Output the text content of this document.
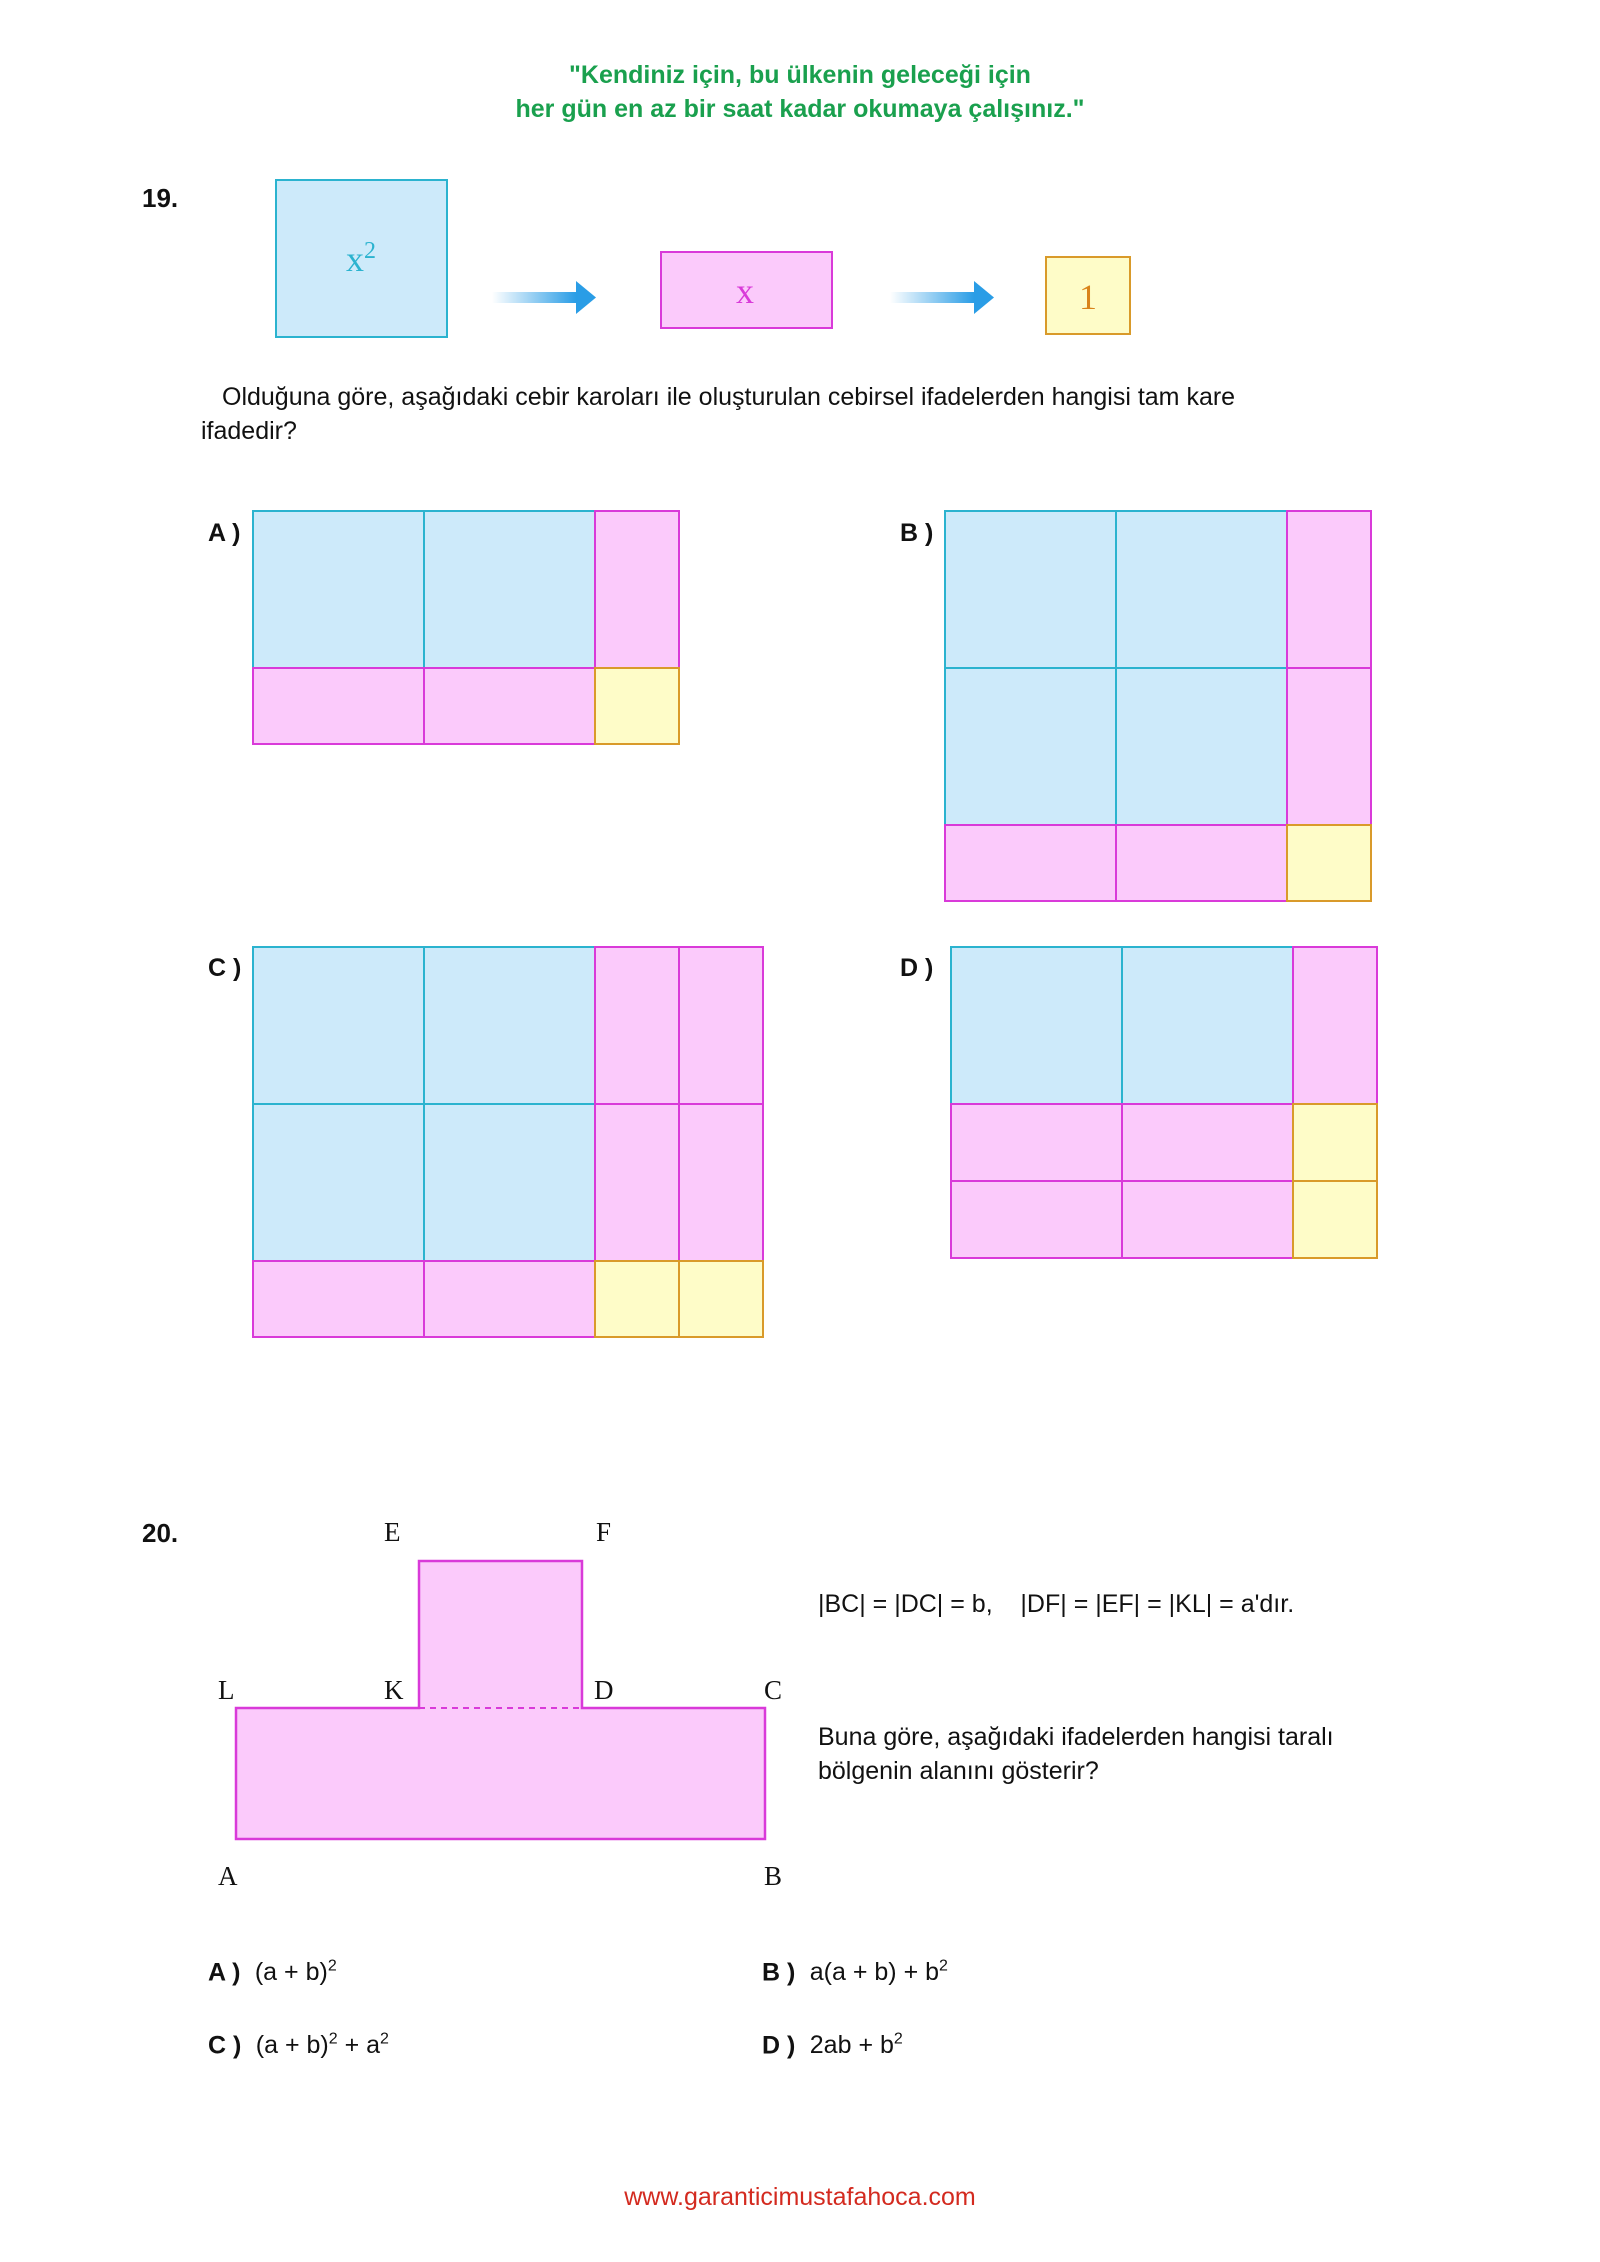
"Kendiniz için, bu ülkenin geleceği için
her gün en az bir saat kadar okumaya çalışınız."
19.
$x^2$
x	1
Olduğuna göre, aşağıdaki cebir karoları ile oluşturulan cebirsel ifadelerden hangisi tam kare
ifadedir?
A )	B )
C )	D )
20.	E	F
L	K	D	C
A	B
|BC| = |DC| = b,    |DF| = |EF| = |KL| = a'dır.
Buna göre, aşağıdaki ifadelerden hangisi taralı
bölgenin alanını gösterir?
A ) $(a + b)^2$	B ) $a(a + b) + b^2$
C ) $(a + b)^2 + a^2$	D ) $2ab + b^2$
www.garanticimustafahoca.com
